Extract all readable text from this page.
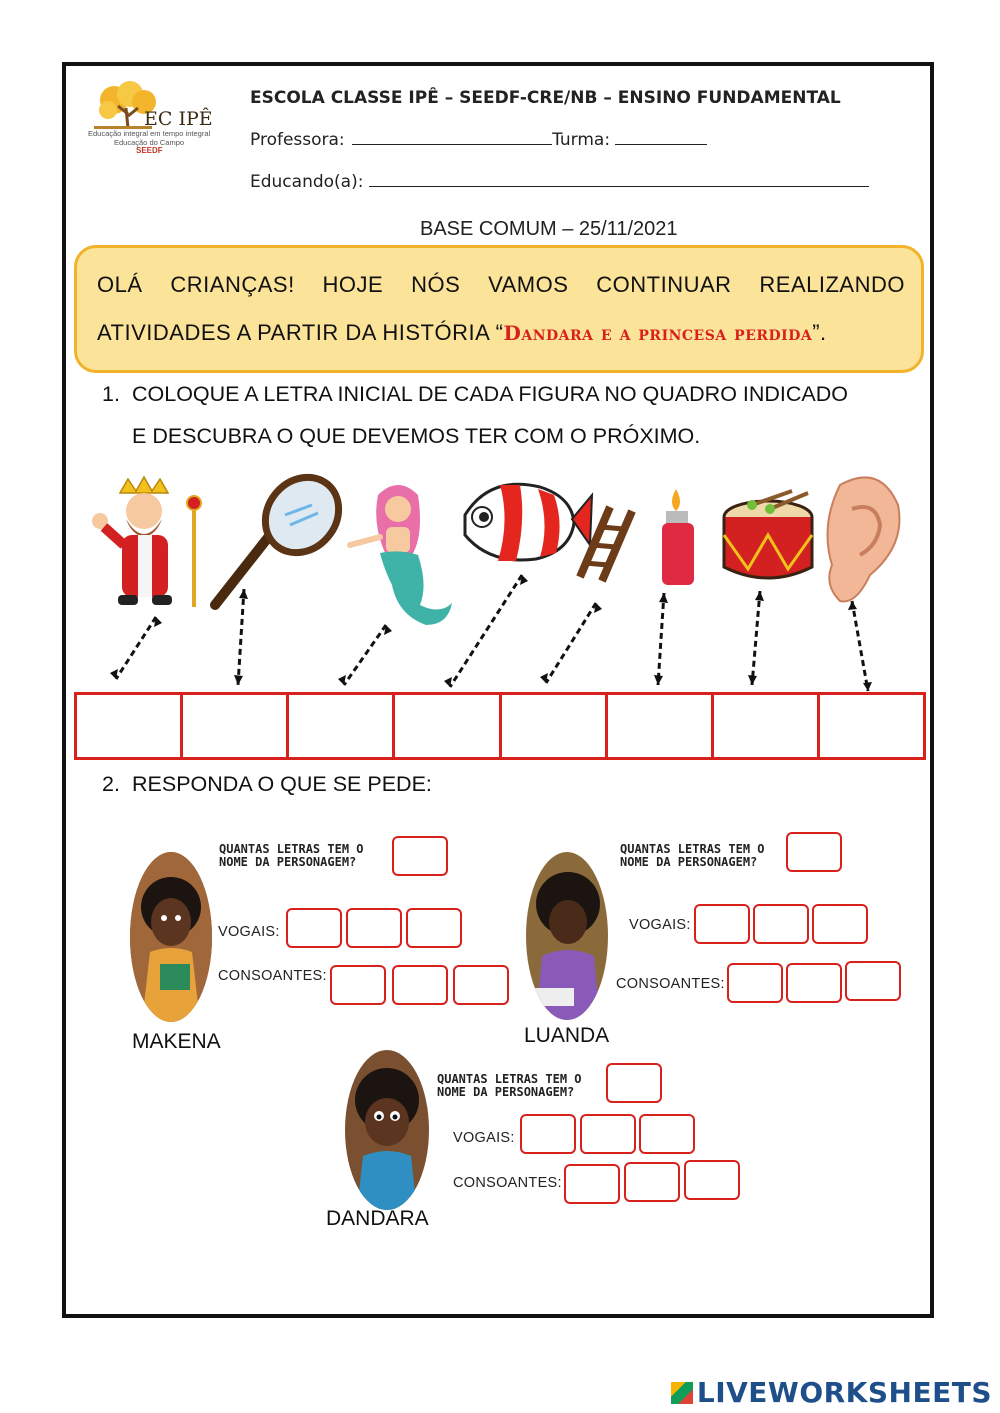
EC IPÊ
Educação integral em tempo integral
Educação do Campo
SEEDF
ESCOLA CLASSE IPÊ – SEEDF-CRE/NB – ENSINO FUNDAMENTAL
Professora:	Turma:
Educando(a):
BASE COMUM – 25/11/2021
OLÁ CRIANÇAS! HOJE NÓS VAMOS CONTINUAR REALIZANDO
ATIVIDADES A PARTIR DA HISTÓRIA “Dandara e a princesa perdida”.
1. COLOQUE A LETRA INICIAL DE CADA FIGURA NO QUADRO INDICADO
E DESCUBRA O QUE DEVEMOS TER COM O PRÓXIMO.
2. RESPONDA O QUE SE PEDE:
MAKENA
QUANTAS LETRAS TEM O
NOME DA PERSONAGEM?
VOGAIS:
CONSOANTES:
LUANDA
QUANTAS LETRAS TEM O
NOME DA PERSONAGEM?
VOGAIS:
CONSOANTES:
DANDARA
QUANTAS LETRAS TEM O
NOME DA PERSONAGEM?
VOGAIS:
CONSOANTES:
LIVEWORKSHEETS
